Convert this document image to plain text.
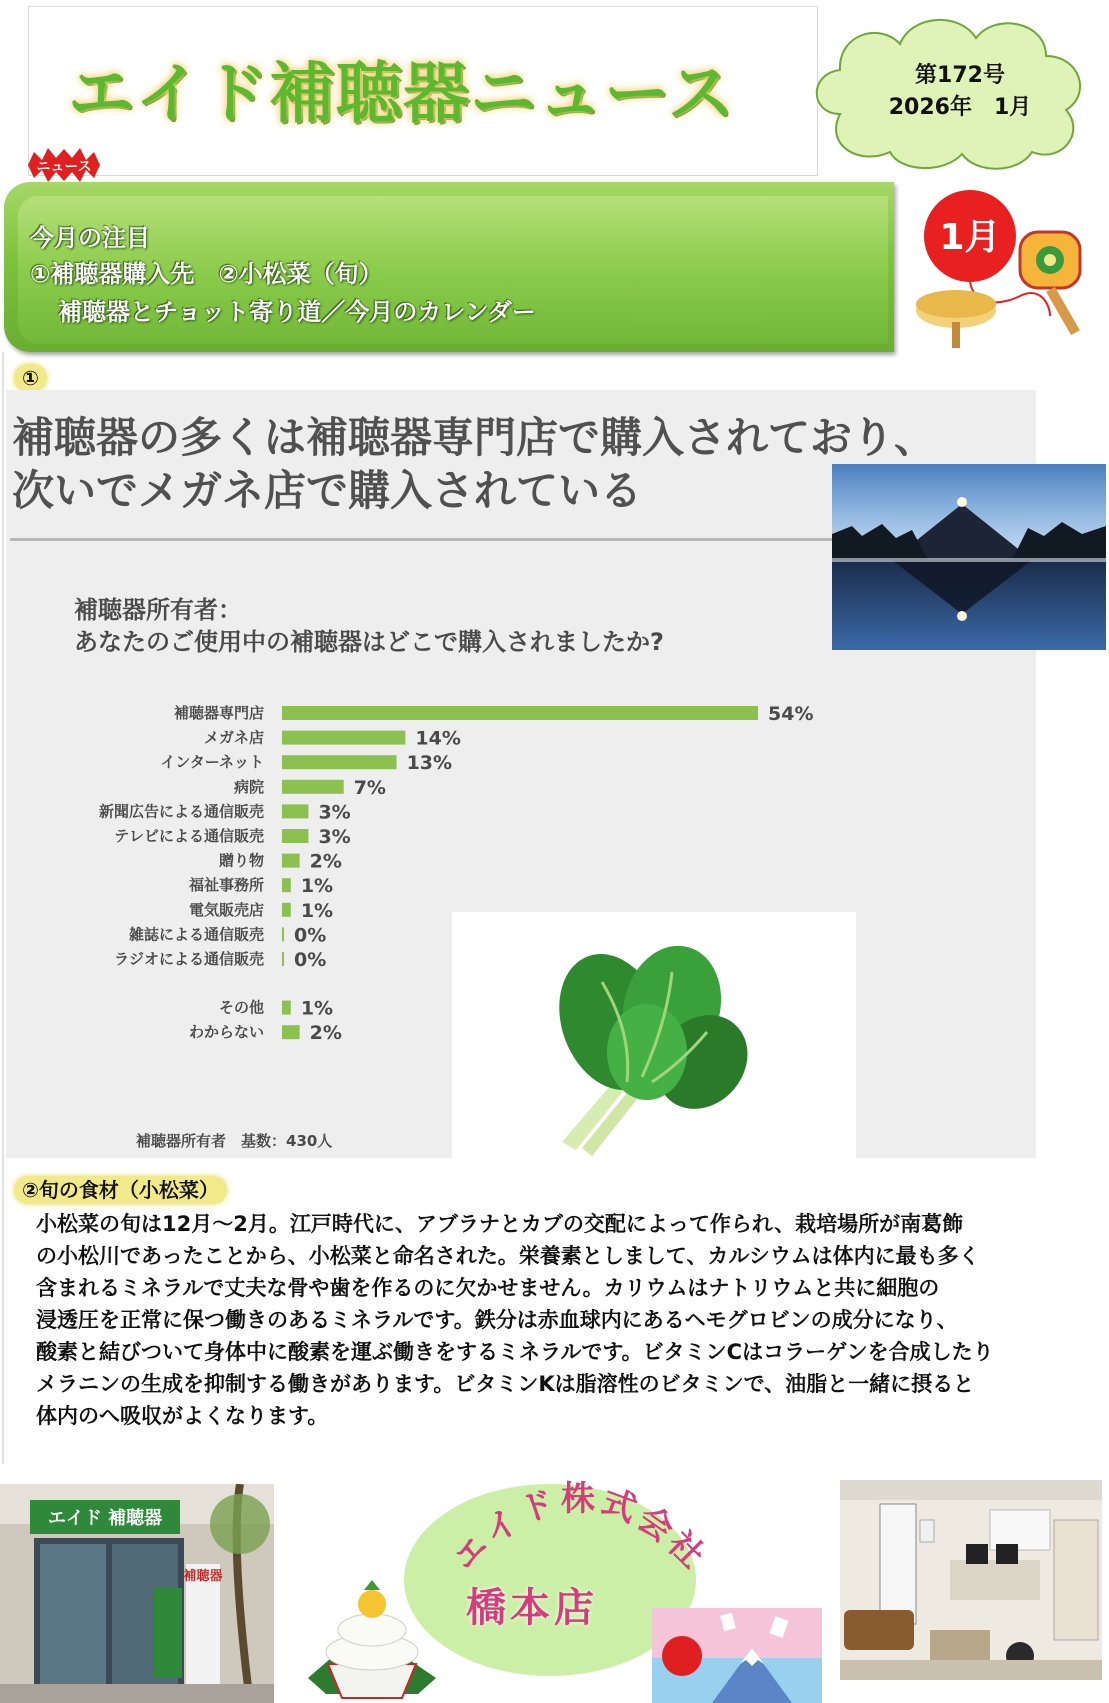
エイド補聴器ニュース	第172号
2026年　1月
ニュース
今月の注目
①補聴器購入先　②小松菜（旬）
補聴器とチョット寄り道／今月のカレンダー
1月
①
補聴器の多くは補聴器専門店で購入されており、
次いでメガネ店で購入されている
補聴器所有者：
あなたのご使用中の補聴器はどこで購入されましたか?
補聴器専門店	54%
メガネ店	14%
インターネット	13%
病院	7%
新聞広告による通信販売	3%
テレビによる通信販売	3%
贈り物 2%
福祉事務所 1%
電気販売店 1%
雑誌による通信販売 0%
ラジオによる通信販売 0%
その他 1%
わからない 2%
補聴器所有者　基数：430人
②旬の食材（小松菜）
小松菜の旬は12月～2月。江戸時代に、アブラナとカブの交配によって作られ、栽培場所が南葛飾
の小松川であったことから、小松菜と命名された。栄養素としまして、カルシウムは体内に最も多く
含まれるミネラルで丈夫な骨や歯を作るのに欠かせません。カリウムはナトリウムと共に細胞の
浸透圧を正常に保つ働きのあるミネラルです。鉄分は赤血球内にあるヘモグロビンの成分になり、
酸素と結びついて身体中に酸素を運ぶ働きをするミネラルです。ビタミンCはコラーゲンを合成したり
メラニンの生成を抑制する働きがあります。ビタミンKは脂溶性のビタミンで、油脂と一緒に摂ると
体内のへ吸収がよくなります。
エイド 補聴器
補聴器	エイド株式会社
橋本店
